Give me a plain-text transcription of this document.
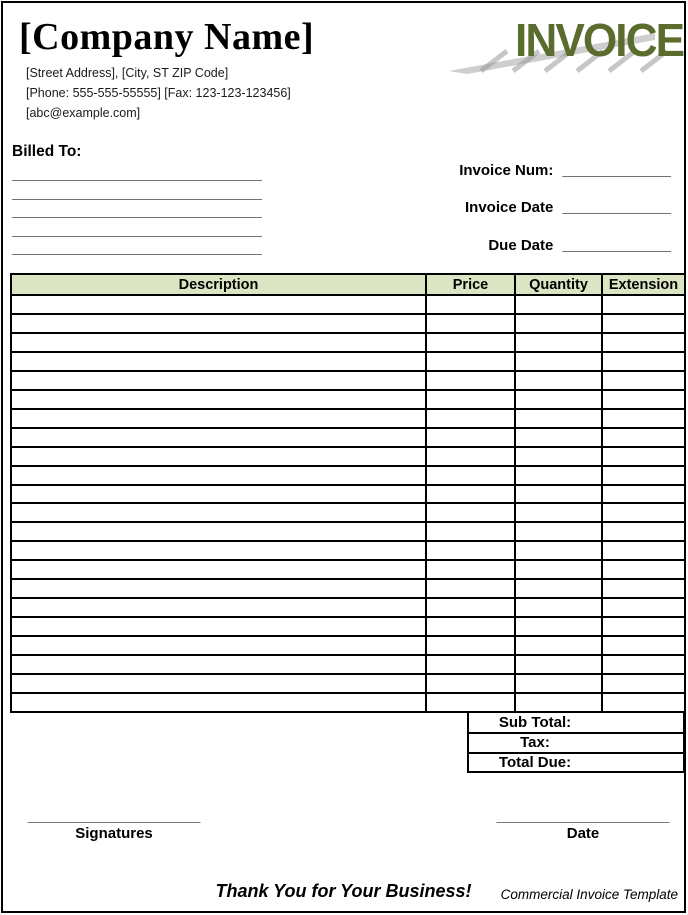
[Company Name]
[Street Address], [City, ST ZIP Code]
[Phone: 555-555-55555] [Fax: 123-123-123456]
[abc@example.com]
INVOICE
Billed To:
_______________________________
_______________________________
_______________________________
_______________________________
_______________________________
Invoice Num: _____________
Invoice Date _____________
Due Date _____________
Description	Price	Quantity	Extension

Sub Total:
Tax:
Total Due:
_______________________
Signatures
_______________________
Date
Thank You for Your Business!	Commercial Invoice Template
